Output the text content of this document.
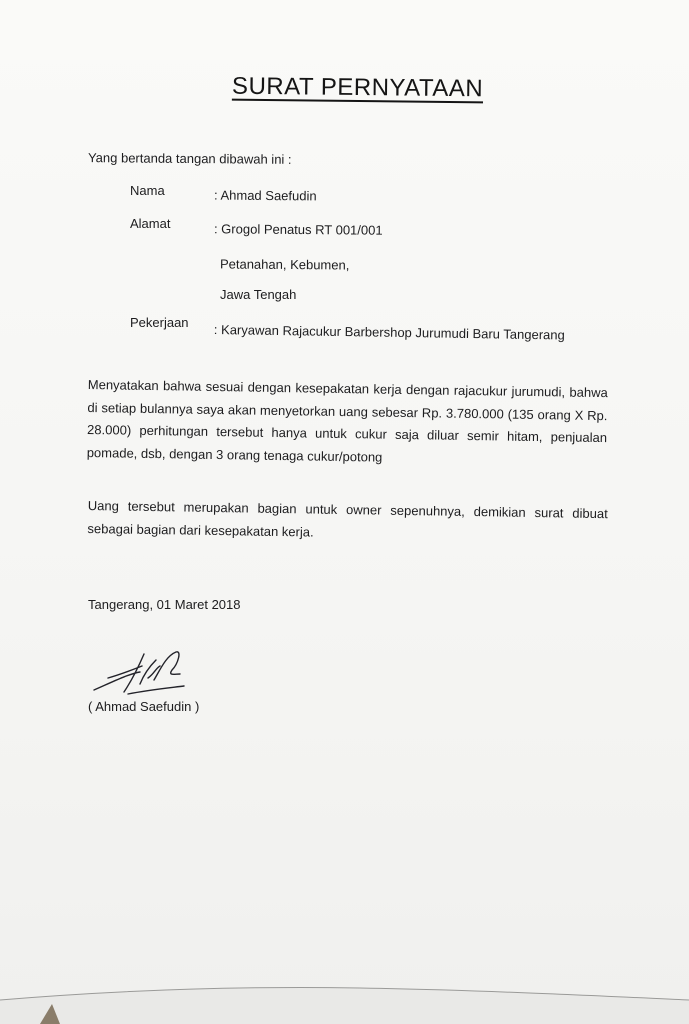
SURAT PERNYATAAN
Yang bertanda tangan dibawah ini :
Nama	: Ahmad Saefudin
Alamat	: Grogol Penatus RT 001/001
Petanahan, Kebumen,
Jawa Tengah
Pekerjaan : Karyawan Rajacukur Barbershop Jurumudi Baru Tangerang
Menyatakan bahwa sesuai dengan kesepakatan kerja dengan rajacukur jurumudi, bahwa di setiap bulannya saya akan menyetorkan uang sebesar Rp. 3.780.000 (135 orang X Rp. 28.000) perhitungan tersebut hanya untuk cukur saja diluar semir hitam, penjualan pomade, dsb, dengan 3 orang tenaga cukur/potong
Uang tersebut merupakan bagian untuk owner sepenuhnya, demikian surat dibuat sebagai bagian dari kesepakatan kerja.
Tangerang, 01 Maret 2018
( Ahmad Saefudin )
